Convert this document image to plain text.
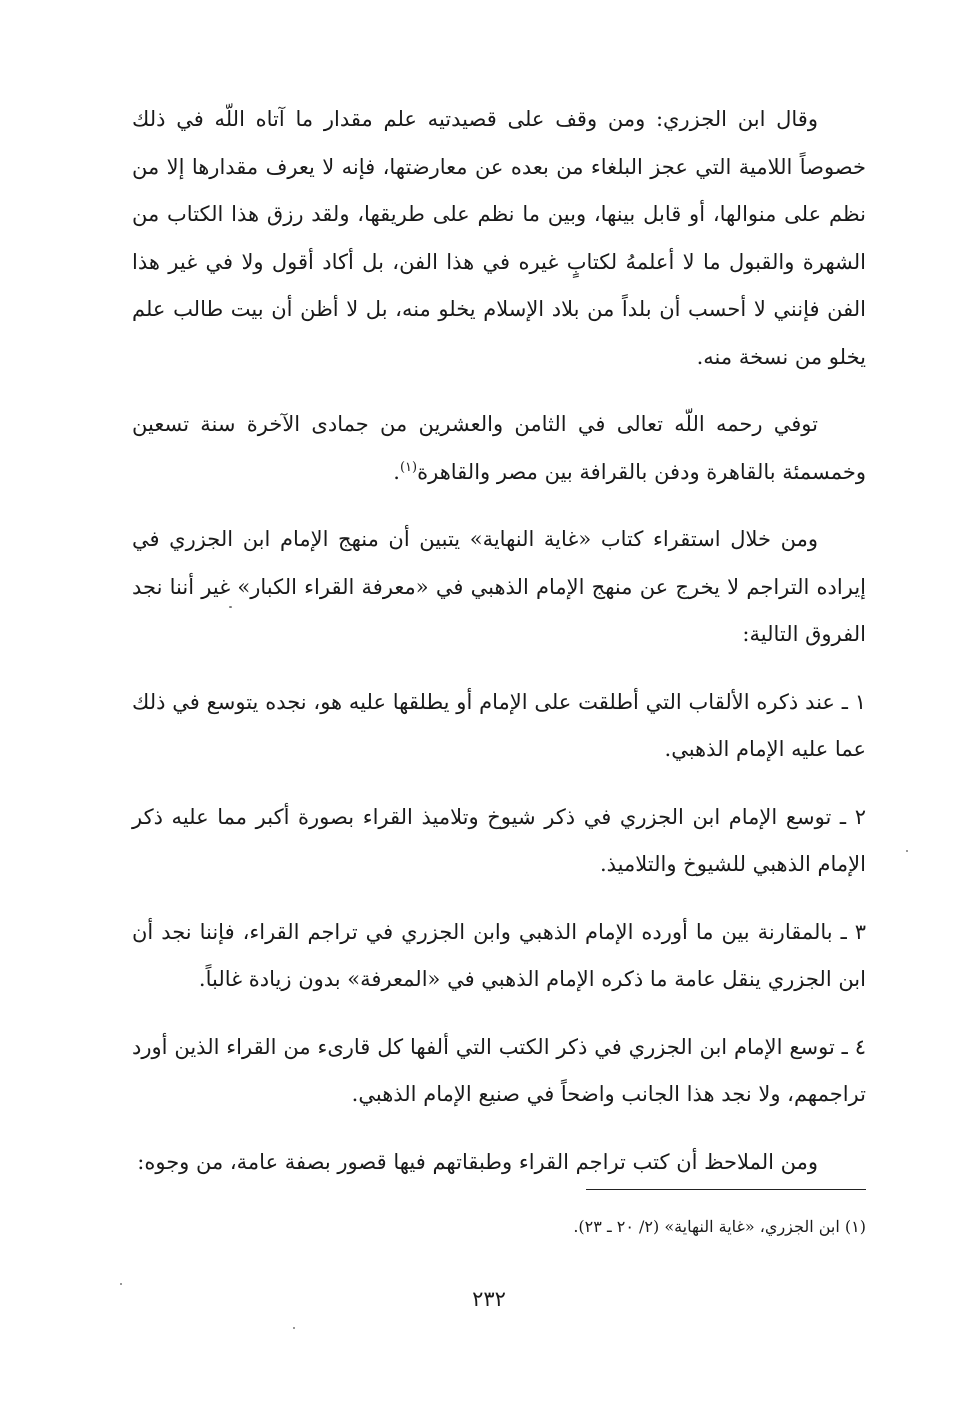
وقال ابن الجزري: ومن وقف على قصيدتيه علم مقدار ما آتاه اللّه في ذلك خصوصاً اللامية التي عجز البلغاء من بعده عن معارضتها، فإنه لا يعرف مقدارها إلا من نظم على منوالها، أو قابل بينها، وبين ما نظم على طريقها، ولقد رزق هذا الكتاب من الشهرة والقبول ما لا أعلمهُ لكتابٍ غيره في هذا الفن، بل أكاد أقول ولا في غير هذا الفن فإنني لا أحسب أن بلداً من بلاد الإسلام يخلو منه، بل لا أظن أن بيت طالب علم يخلو من نسخة منه.

توفي رحمه اللّه تعالى في الثامن والعشرين من جمادى الآخرة سنة تسعين وخمسمئة بالقاهرة ودفن بالقرافة بين مصر والقاهرة$^{(١)}$.

ومن خلال استقراء كتاب «غاية النهاية» يتبين أن منهج الإمام ابن الجزري في إيراده التراجم لا يخرج عن منهج الإمام الذهبي في «معرفة القراء الكبار» غير أننا نجد الفروق التالية:

١ ـ عند ذكره الألقاب التي أطلقت على الإمام أو يطلقها عليه هو، نجده يتوسع في ذلك عما عليه الإمام الذهبي.

٢ ـ توسع الإمام ابن الجزري في ذكر شيوخ وتلاميذ القراء بصورة أكبر مما عليه ذكر الإمام الذهبي للشيوخ والتلاميذ.

٣ ـ بالمقارنة بين ما أورده الإمام الذهبي وابن الجزري في تراجم القراء، فإننا نجد أن ابن الجزري ينقل عامة ما ذكره الإمام الذهبي في «المعرفة» بدون زيادة غالباً.

٤ ـ توسع الإمام ابن الجزري في ذكر الكتب التي ألفها كل قارىء من القراء الذين أورد تراجمهم، ولا نجد هذا الجانب واضحاً في صنيع الإمام الذهبي.

ومن الملاحظ أن كتب تراجم القراء وطبقاتهم فيها قصور بصفة عامة، من وجوه:

(١) ابن الجزري، «غاية النهاية» (٢/ ٢٠ ـ ٢٣).
٢٣٢
